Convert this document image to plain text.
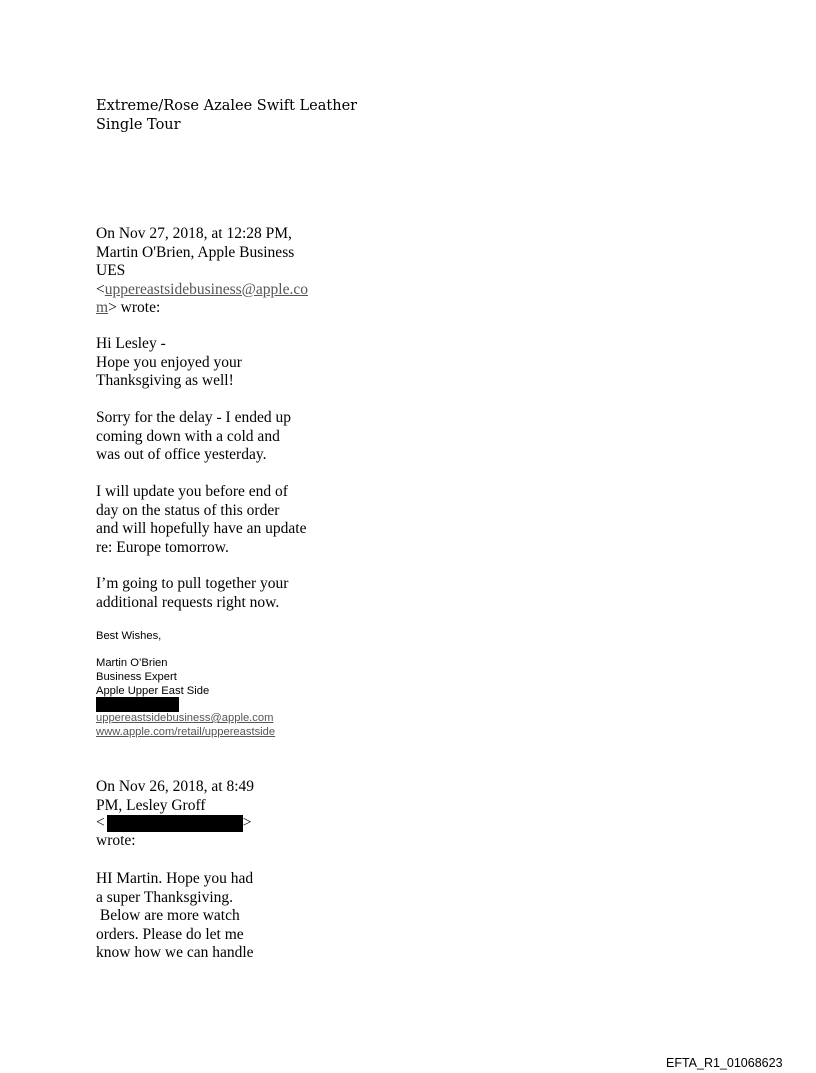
Extreme/Rose Azalee Swift Leather
Single Tour
On Nov 27, 2018, at 12:28 PM,
Martin O'Brien, Apple Business
UES
<uppereastsidebusiness@apple.co
m> wrote:
Hi Lesley -
Hope you enjoyed your
Thanksgiving as well!
Sorry for the delay - I ended up
coming down with a cold and
was out of office yesterday.
I will update you before end of
day on the status of this order
and will hopefully have an update
re: Europe tomorrow.
I’m going to pull together your
additional requests right now.
Best Wishes,
Martin O’Brien
Business Expert
Apple Upper East Side
uppereastsidebusiness@apple.com
www.apple.com/retail/uppereastside
On Nov 26, 2018, at 8:49
PM, Lesley Groff
<	>
wrote:
HI Martin. Hope you had
a super Thanksgiving.
Below are more watch
orders. Please do let me
know how we can handle
EFTA_R1_01068623
